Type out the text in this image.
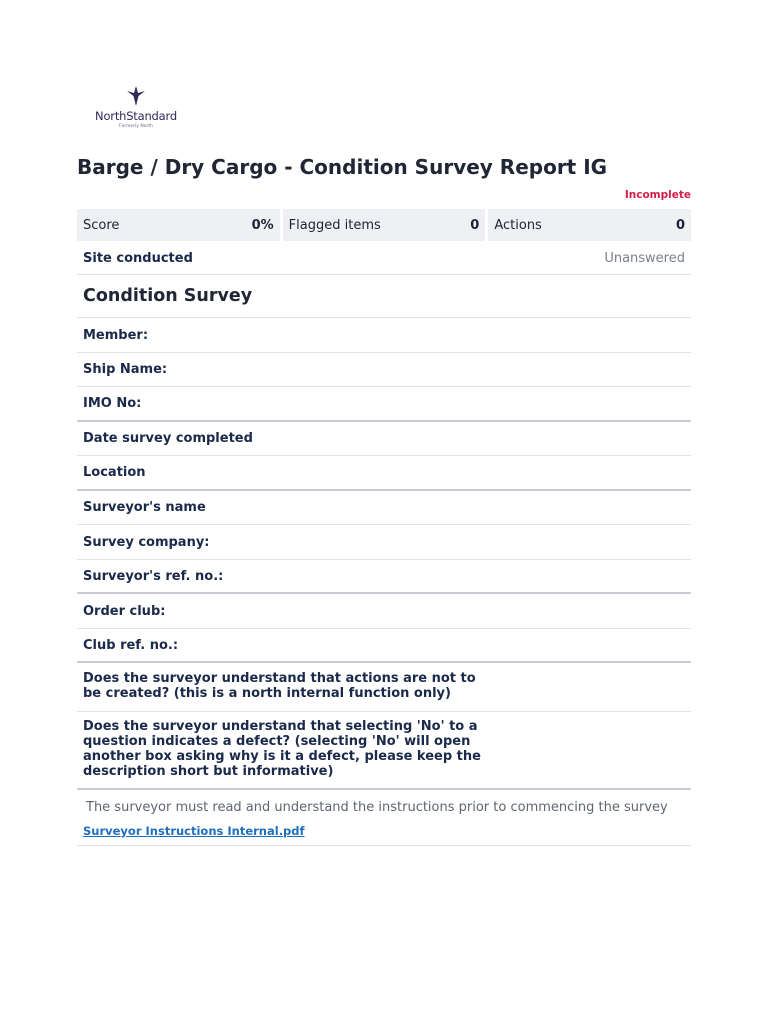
NorthStandard
Formerly North
Barge / Dry Cargo - Condition Survey Report IG
Incomplete
Score	0% Flagged items	0 Actions	0
Site conducted	Unanswered
Condition Survey
Member:
Ship Name:
IMO No:
Date survey completed
Location
Surveyor's name
Survey company:
Surveyor's ref. no.:
Order club:
Club ref. no.:
Does the surveyor understand that actions are not to be created? (this is a north internal function only)
Does the surveyor understand that selecting 'No' to a question indicates a defect? (selecting 'No' will open another box asking why is it a defect, please keep the description short but informative)
The surveyor must read and understand the instructions prior to commencing the survey
Surveyor Instructions Internal.pdf
